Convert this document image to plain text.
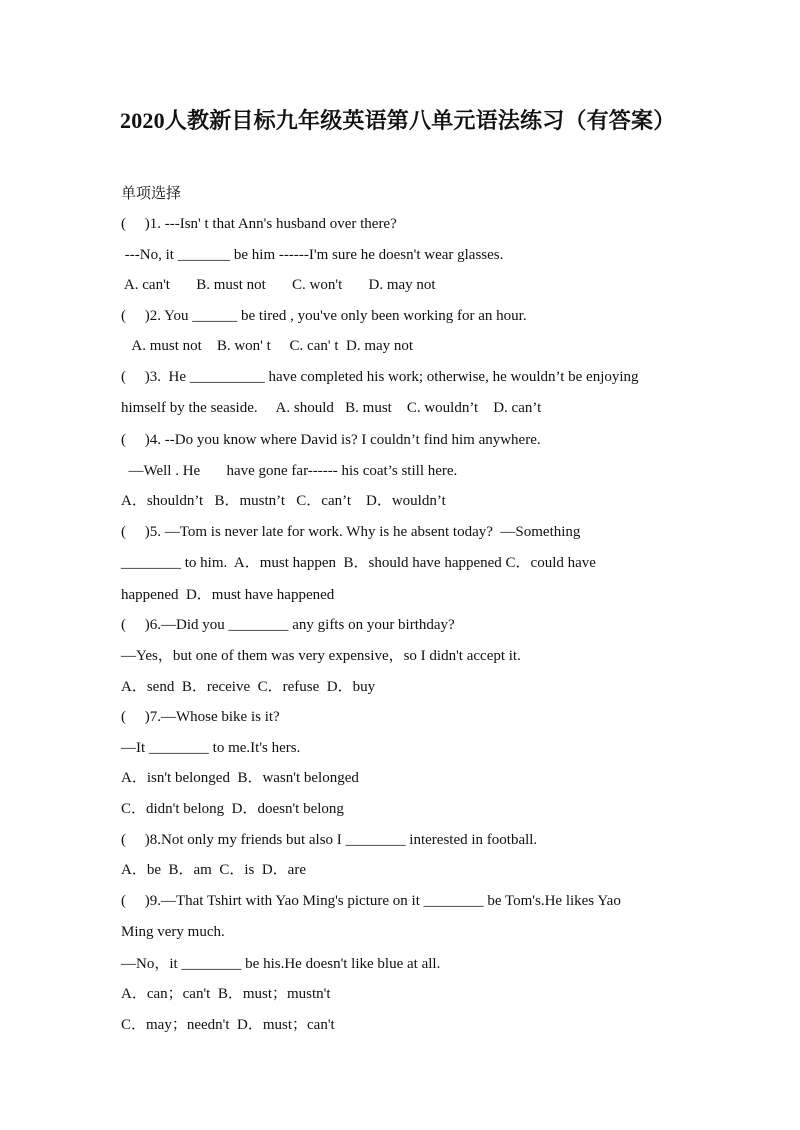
2020人教新目标九年级英语第八单元语法练习（有答案）
单项选择
(     )1. ---Isn' t that Ann's husband over there?
---No, it _______ be him ------I'm sure he doesn't wear glasses.
A. can't       B. must not       C. won't       D. may not
(     )2. You ______ be tired , you've only been working for an hour.
A. must not    B. won' t     C. can' t  D. may not
(     )3.  He __________ have completed his work; otherwise, he wouldn’t be enjoying
himself by the seaside.     A. should   B. must    C. wouldn’t    D. can’t
(     )4. --Do you know where David is? I couldn’t find him anywhere.
—Well . He       have gone far------ his coat’s still here.
A．shouldn’t   B．mustn’t   C．can’t    D．wouldn’t
(     )5. —Tom is never late for work. Why is he absent today?  —Something
________ to him.  A．must happen  B．should have happened C．could have
happened  D．must have happened
(     )6.—Did you ________ any gifts on your birthday?
—Yes，but one of them was very expensive，so I didn't accept it.
A．send  B．receive  C．refuse  D．buy
(     )7.—Whose bike is it?
—It ________ to me.It's hers.
A．isn't belonged  B．wasn't belonged
C．didn't belong  D．doesn't belong
(     )8.Not only my friends but also I ________ interested in football.
A．be  B．am  C．is  D．are
(     )9.—That Tshirt with Yao Ming's picture on it ________ be Tom's.He likes Yao
Ming very much.
—No，it ________ be his.He doesn't like blue at all.
A．can；can't  B．must；mustn't
C．may；needn't  D．must；can't
